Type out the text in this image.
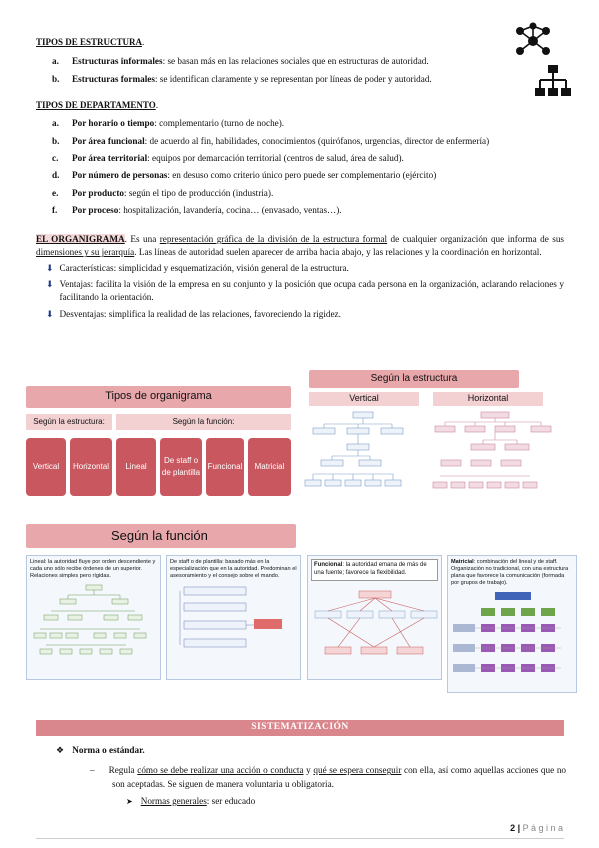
TIPOS DE ESTRUCTURA.
a.	Estructuras informales: se basan más en las relaciones sociales que en estructuras de autoridad.
b.	Estructuras formales: se identifican claramente y se representan por líneas de poder y autoridad.
TIPOS DE DEPARTAMENTO.
a.	Por horario o tiempo: complementario (turno de noche).
b.	Por área funcional: de acuerdo al fin, habilidades, conocimientos (quirófanos, urgencias, director de enfermería)
c.	Por área territorial: equipos por demarcación territorial (centros de salud, área de salud).
d.	Por número de personas: en desuso como criterio único pero puede ser complementario (ejército)
e.	Por producto: según el tipo de producción (industria).
f.	Por proceso: hospitalización, lavandería, cocina… (envasado, ventas…).

EL ORGANIGRAMA. Es una representación gráfica de la división de la estructura formal de cualquier organización que informa de sus dimensiones y su jerarquía. Las líneas de autoridad suelen aparecer de arriba hacia abajo, y las relaciones y la coordinación en horizontal.

⬇ Características: simplicidad y esquematización, visión general de la estructura.
⬇ Ventajas: facilita la visión de la empresa en su conjunto y la posición que ocupa cada persona en la organización, aclarando relaciones y facilitando la orientación.
⬇ Desventajas: simplifica la realidad de las relaciones, favoreciendo la rigidez.
Tipos de organigrama
Según la estructura:	Según la función:
Vertical	Horizontal	Lineal
De staff o de plantilla
Funcional	Matricial
Según la estructura
Vertical	Horizontal
Según la función
Lineal: la autoridad fluye por orden descendiente y cada uno sólo recibe órdenes de un superior. Relaciones simples pero rígidas.
De staff o de plantilla: basado más en la especialización que en la autoridad. Predominan el asesoramiento y el consejo sobre el mando.
Funcional: la autoridad emana de más de una fuente; favorece la flexibilidad.
Matricial: combinación del lineal y de staff. Organización no tradicional, con una estructura plana que favorece la comunicación (formada por grupos de trabajo).
SISTEMATIZACIÓN
❖ Norma o estándar.
– Regula cómo se debe realizar una acción o conducta y qué se espera conseguir con ella, así como aquellas acciones que no son aceptadas. Se siguen de manera voluntaria u obligatoria.
➤ Normas generales: ser educado
2 | P á g i n a
